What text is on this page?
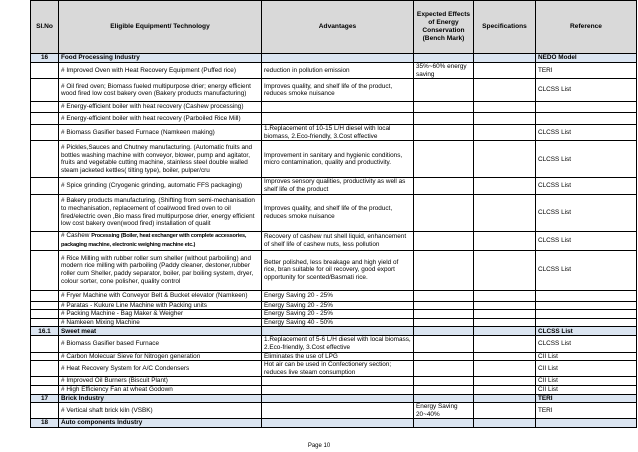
Sl.No	Eligible Equipment/ Technology	Advantages	Expected Effects of Energy Conservation (Bench Mark)	Specifications	Reference
16	Food Processing Industry				NEDO Model
	# Improved Oven with Heat Recovery Equipment (Puffed rice)	reduction in pollution emission	35%~60% energy saving		TERI
	# Oil fired oven; Biomass fueled multipurpose drier; energy efficient wood fired low cost bakery oven (Bakery products manufacturing)	Improves quality, and shelf life of the product, reduces smoke nuisance			CLCSS List
	# Energy-efficient boiler with heat recovery (Cashew processing)				
	# Energy-efficient boiler with heat recovery (Parboiled Rice Mill)				
	# Biomass Gasifier based Furnace (Namkeen making)	1.Replacement of 10-15 L/H diesel with local biomass, 2.Eco-friendly, 3.Cost effective			CLCSS List
	# Pickles,Sauces and Chutney manufacturing. (Automatic fruits and bottles washing machine with conveyor, blower, pump and agitator, fruits and vegetable cutting machine, stainless steel double walled steam jacketed kettles( tilting type), boiler, pulper/cru	Improvement in sanitary and hygienic conditions, micro contamination, quality and productivity.			CLCSS List
	# Spice grinding (Cryogenic grinding, automatic FFS packaging)	Improves sensory qualities, productivity as well as shelf life of the product			CLCSS List
	# Bakery products manufacturing. (Shifting from semi-mechanisation to mechanisation, replacement of coal/wood fired oven to oil fired/electric oven ,Bio mass fired multipurpose drier, energy efficient low cost bakery oven(wood fired) installation of qualit	Improves quality, and shelf life of the product, reduces smoke nuisance			CLCSS List
	# Cashew Processing (Boiler, heat exchanger with complete accessories, packaging machine, electronic weighing machine etc.)	Recovery of cashew nut shell liquid, enhancement of shelf life of cashew nuts, less pollution			CLCSS List
	# Rice Milling with rubber roller sum sheller (without parboiling) and modern rice milling with parboiling (Paddy cleaner, destoner,rubber roller cum Sheller, paddy separator, boiler, par boiling system, dryer, colour sorter, cone polisher, quality control	Better polished, less breakage and high yield of rice, bran suitable for oil recovery, good export opportunity for scented/Basmati rice.			CLCSS List
	# Fryer Machine with Conveyor Belt & Bucket elevator (Namkeen)	Energy Saving 20 - 25%			
	# Paratas - Kukure Line Machine with Packing units	Energy Saving 20 - 25%			
	# Packing Machine - Bag Maker & Weigher	Energy Saving 20 - 25%			
	# Namkeen Mixing Machine	Energy Saving 40 - 50%			
16.1	Sweet meat				CLCSS List
	# Biomass Gasifier based Furnace	1.Replacement of 5-6 L/H diesel with local biomass, 2.Eco-friendly, 3.Cost effective			CLCSS List
	# Carbon Molecuar Sieve for Nitrogen generation	Eliminates the use of LPG			CII List
	# Heat Recovery System for A/C Condensers	Hot air can be used in Confectionery section; reduces live steam consumption			CII List
	# Improved Oil Burners (Biscuit Plant)				CII List
	# High Efficiency Fan at wheat Godown				CII List
17	Brick Industry				TERI
	# Vertical shaft brick kiln (VSBK)		Energy Saving 20~40%		TERI
18	Auto components Industry				
Page 10
